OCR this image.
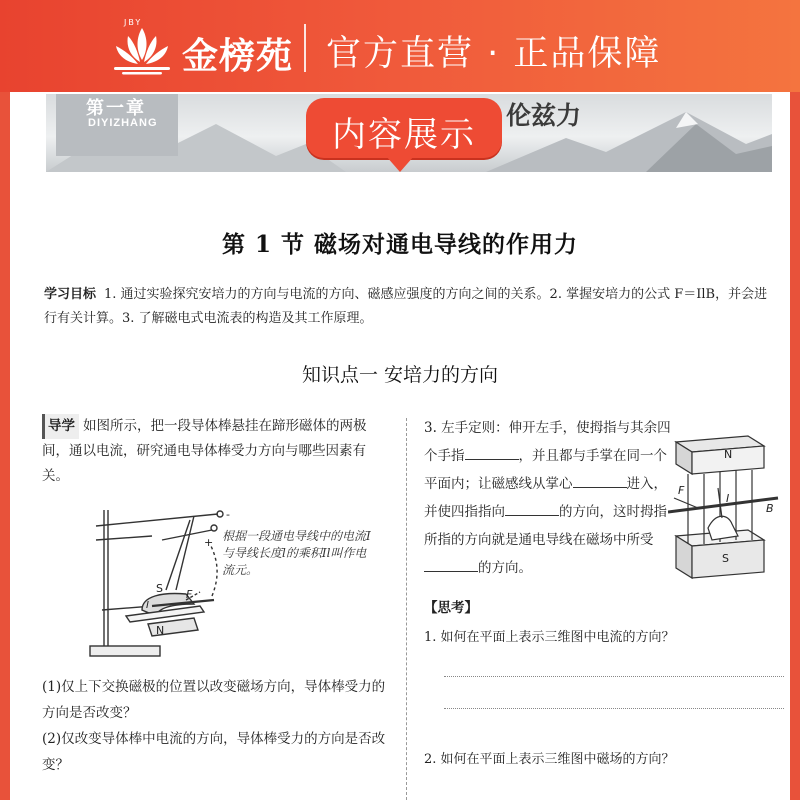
JBY
金榜苑 官方直营 · 正品保障
第一章
DIYIZHANG	伦兹力
内容展示
第 1 节 磁场对通电导线的作用力
学习目标 1. 通过实验探究安培力的方向与电流的方向、磁感应强度的方向之间的关系。2. 掌握安培力的公式 F＝IlB，并会进行有关计算。3. 了解磁电式电流表的构造及其工作原理。
知识点一 安培力的方向
导学 如图所示，把一段导体棒悬挂在蹄形磁体的两极间，通以电流，研究通电导体棒受力方向与哪些因素有关。
S F
N
I
-
+ 根据一段通电导线中的电流I与导线长度l的乘积Il叫作电流元。
(1)仅上下交换磁极的位置以改变磁场方向，导体棒受力的方向是否改变？
(2)仅改变导体棒中电流的方向，导体棒受力的方向是否改变？
3. 左手定则：伸开左手，使拇指与其余四个手指	，并且都与手掌在同一个平面内；让磁感线从掌心	进入，并使四指指向	的方向，这时拇指所指的方向就是通电导线在磁场中所受的方向。
N
S
F
I
B
【思考】
1. 如何在平面上表示三维图中电流的方向？
2. 如何在平面上表示三维图中磁场的方向？
